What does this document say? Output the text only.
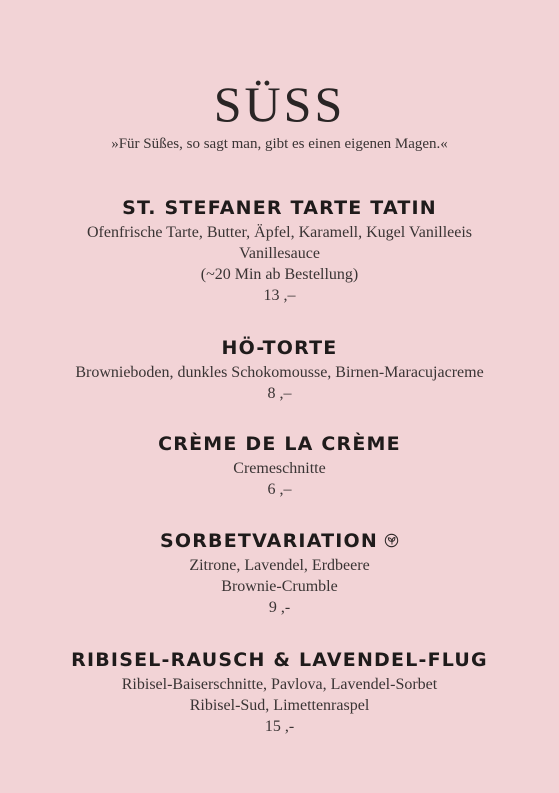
SÜSS
»Für Süßes, so sagt man, gibt es einen eigenen Magen.«
ST. STEFANER TARTE TATIN
Ofenfrische Tarte, Butter, Äpfel, Karamell, Kugel Vanilleeis
Vanillesauce
(~20 Min ab Bestellung)
13 ,–
HÖ-TORTE
Brownieboden, dunkles Schokomousse, Birnen-Maracujacreme
8 ,–
CRÈME DE LA CRÈME
Cremeschnitte
6 ,–
SORBETVARIATION
Zitrone, Lavendel, Erdbeere
Brownie-Crumble
9 ,-
RIBISEL-RAUSCH & LAVENDEL-FLUG
Ribisel-Baiserschnitte, Pavlova, Lavendel-Sorbet
Ribisel-Sud, Limettenraspel
15 ,-
